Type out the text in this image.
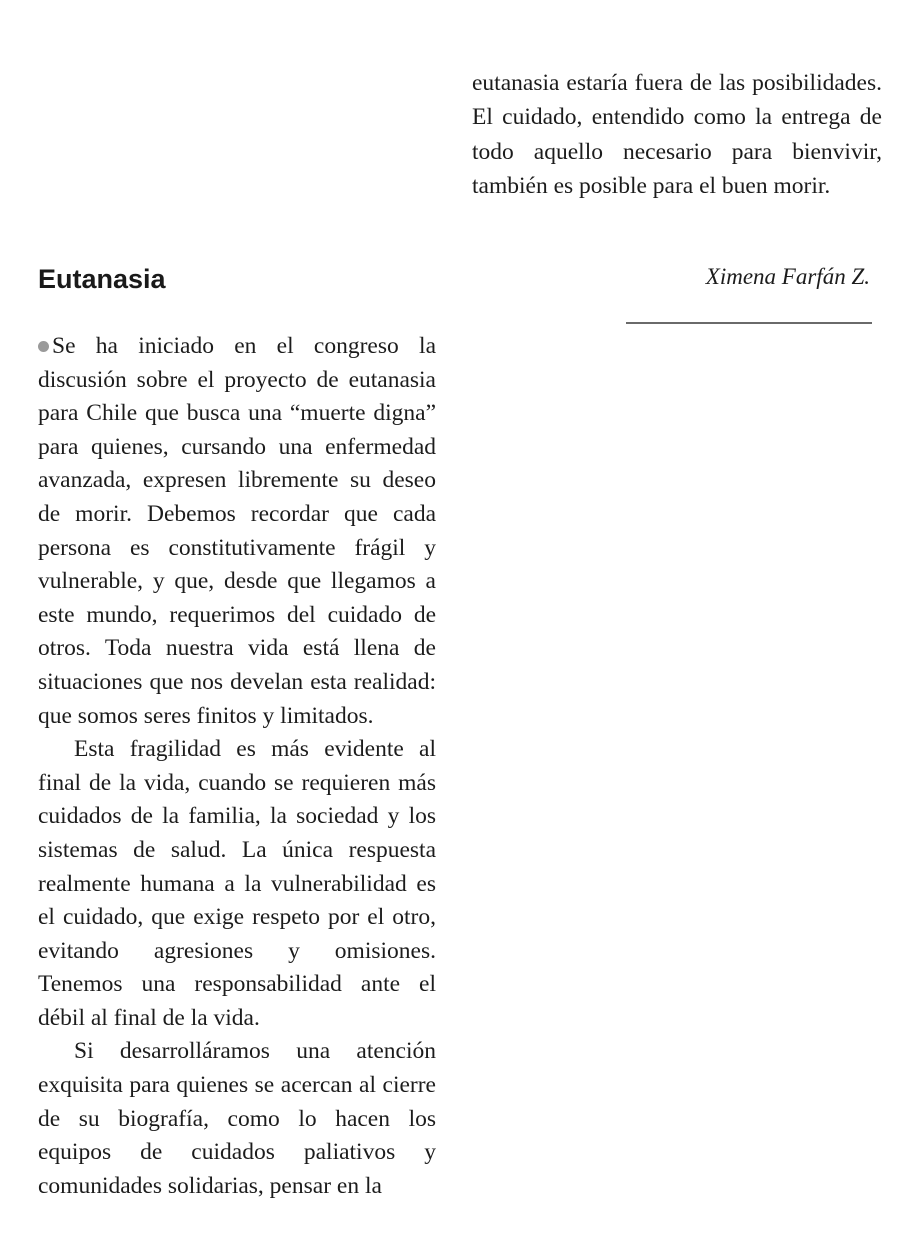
eutanasia estaría fuera de las posibilidades. El cuidado, entendido como la entrega de todo aquello necesario para bienvivir, también es posible para el buen morir.
Ximena Farfán Z.
Eutanasia

Se ha iniciado en el congreso la discusión sobre el proyecto de eutanasia para Chile que busca una “muerte digna” para quienes, cursando una enfermedad avanzada, expresen libremente su deseo de morir. Debemos recordar que cada persona es constitutivamente frágil y vulnerable, y que, desde que llegamos a este mundo, requerimos del cuidado de otros. Toda nuestra vida está llena de situaciones que nos develan esta realidad: que somos seres finitos y limitados.

Esta fragilidad es más evidente al final de la vida, cuando se requieren más cuidados de la familia, la sociedad y los sistemas de salud. La única respuesta realmente humana a la vulnerabilidad es el cuidado, que exige respeto por el otro, evitando agresiones y omisiones. Tenemos una responsabilidad ante el débil al final de la vida.

Si desarrolláramos una atención exquisita para quienes se acercan al cierre de su biografía, como lo hacen los equipos de cuidados paliativos y comunidades solidarias, pensar en la
